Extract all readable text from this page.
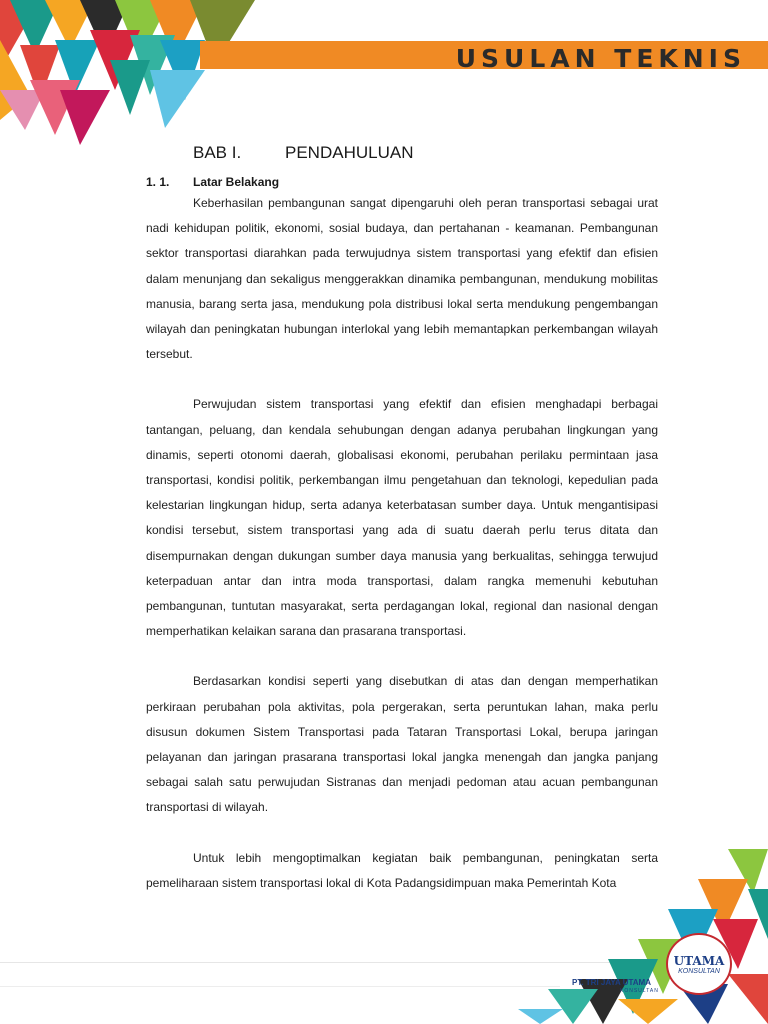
USULAN TEKNIS
BAB I.	PENDAHULUAN
1. 1.	Latar Belakang

Keberhasilan pembangunan sangat dipengaruhi oleh peran transportasi sebagai urat nadi kehidupan politik, ekonomi, sosial budaya, dan pertahanan - keamanan. Pembangunan sektor transportasi diarahkan pada terwujudnya sistem transportasi yang efektif dan efisien dalam menunjang dan sekaligus menggerakkan dinamika pembangunan, mendukung mobilitas manusia, barang serta jasa, mendukung pola distribusi lokal serta mendukung pengembangan wilayah dan peningkatan hubungan interlokal yang lebih memantapkan perkembangan wilayah tersebut.

Perwujudan sistem transportasi yang efektif dan efisien menghadapi berbagai tantangan, peluang, dan kendala sehubungan dengan adanya perubahan lingkungan yang dinamis, seperti otonomi daerah, globalisasi ekonomi, perubahan perilaku permintaan jasa transportasi, kondisi politik, perkembangan ilmu pengetahuan dan teknologi, kepedulian pada kelestarian lingkungan hidup, serta adanya keterbatasan sumber daya. Untuk mengantisipasi kondisi tersebut, sistem transportasi yang ada di suatu daerah perlu terus ditata dan disempurnakan dengan dukungan sumber daya manusia yang berkualitas, sehingga terwujud keterpaduan antar dan intra moda transportasi, dalam rangka memenuhi kebutuhan pembangunan, tuntutan masyarakat, serta perdagangan lokal, regional dan nasional dengan memperhatikan kelaikan sarana dan prasarana transportasi.

Berdasarkan kondisi seperti yang disebutkan di atas dan dengan memperhatikan perkiraan perubahan pola aktivitas, pola pergerakan, serta peruntukan lahan, maka perlu disusun dokumen Sistem Transportasi pada Tataran Transportasi Lokal, berupa jaringan pelayanan dan jaringan prasarana transportasi lokal jangka menengah dan jangka panjang sebagai salah satu perwujudan Sistranas dan menjadi pedoman atau acuan pembangunan transportasi di wilayah.

Untuk lebih mengoptimalkan kegiatan baik pembangunan, peningkatan serta pemeliharaan sistem transportasi lokal di Kota Padangsidimpuan maka Pemerintah Kota

UTAMA
KONSULTAN
PT. TRI JAYA UTAMA
KONSULTAN
